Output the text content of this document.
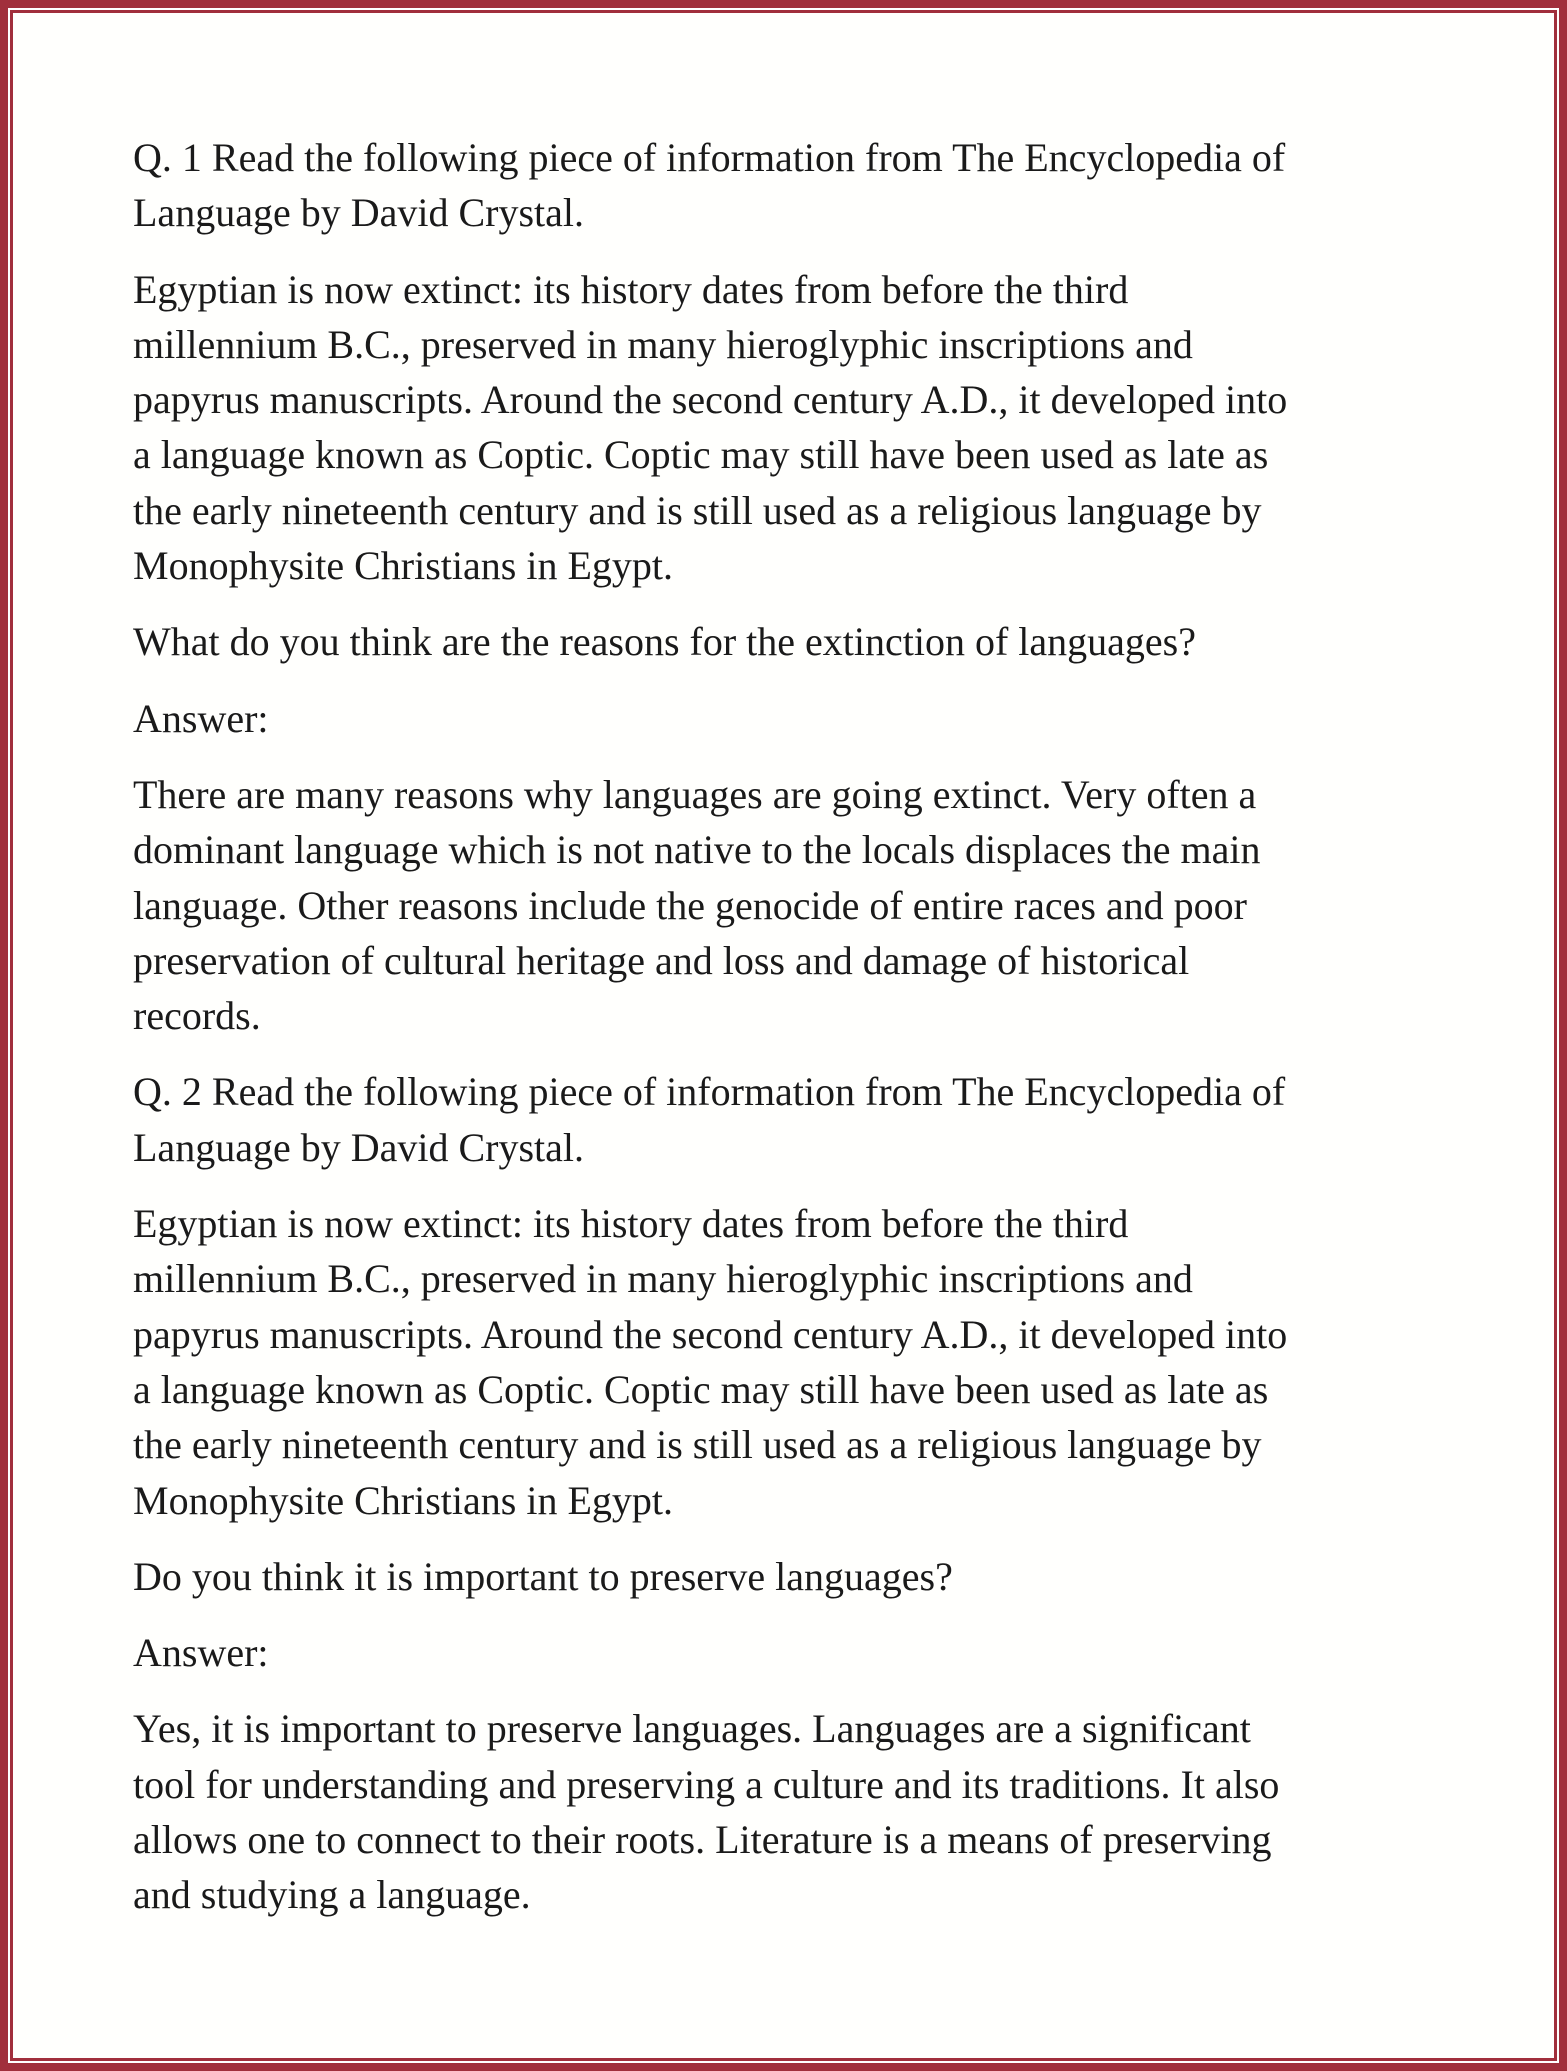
Q. 1 Read the following piece of information from The Encyclopedia of
Language by David Crystal.

Egyptian is now extinct: its history dates from before the third
millennium B.C., preserved in many hieroglyphic inscriptions and
papyrus manuscripts. Around the second century A.D., it developed into
a language known as Coptic. Coptic may still have been used as late as
the early nineteenth century and is still used as a religious language by
Monophysite Christians in Egypt.

What do you think are the reasons for the extinction of languages?

Answer:

There are many reasons why languages are going extinct. Very often a
dominant language which is not native to the locals displaces the main
language. Other reasons include the genocide of entire races and poor
preservation of cultural heritage and loss and damage of historical
records.

Q. 2 Read the following piece of information from The Encyclopedia of
Language by David Crystal.

Egyptian is now extinct: its history dates from before the third
millennium B.C., preserved in many hieroglyphic inscriptions and
papyrus manuscripts. Around the second century A.D., it developed into
a language known as Coptic. Coptic may still have been used as late as
the early nineteenth century and is still used as a religious language by
Monophysite Christians in Egypt.

Do you think it is important to preserve languages?

Answer:

Yes, it is important to preserve languages. Languages are a significant
tool for understanding and preserving a culture and its traditions. It also
allows one to connect to their roots. Literature is a means of preserving
and studying a language.
